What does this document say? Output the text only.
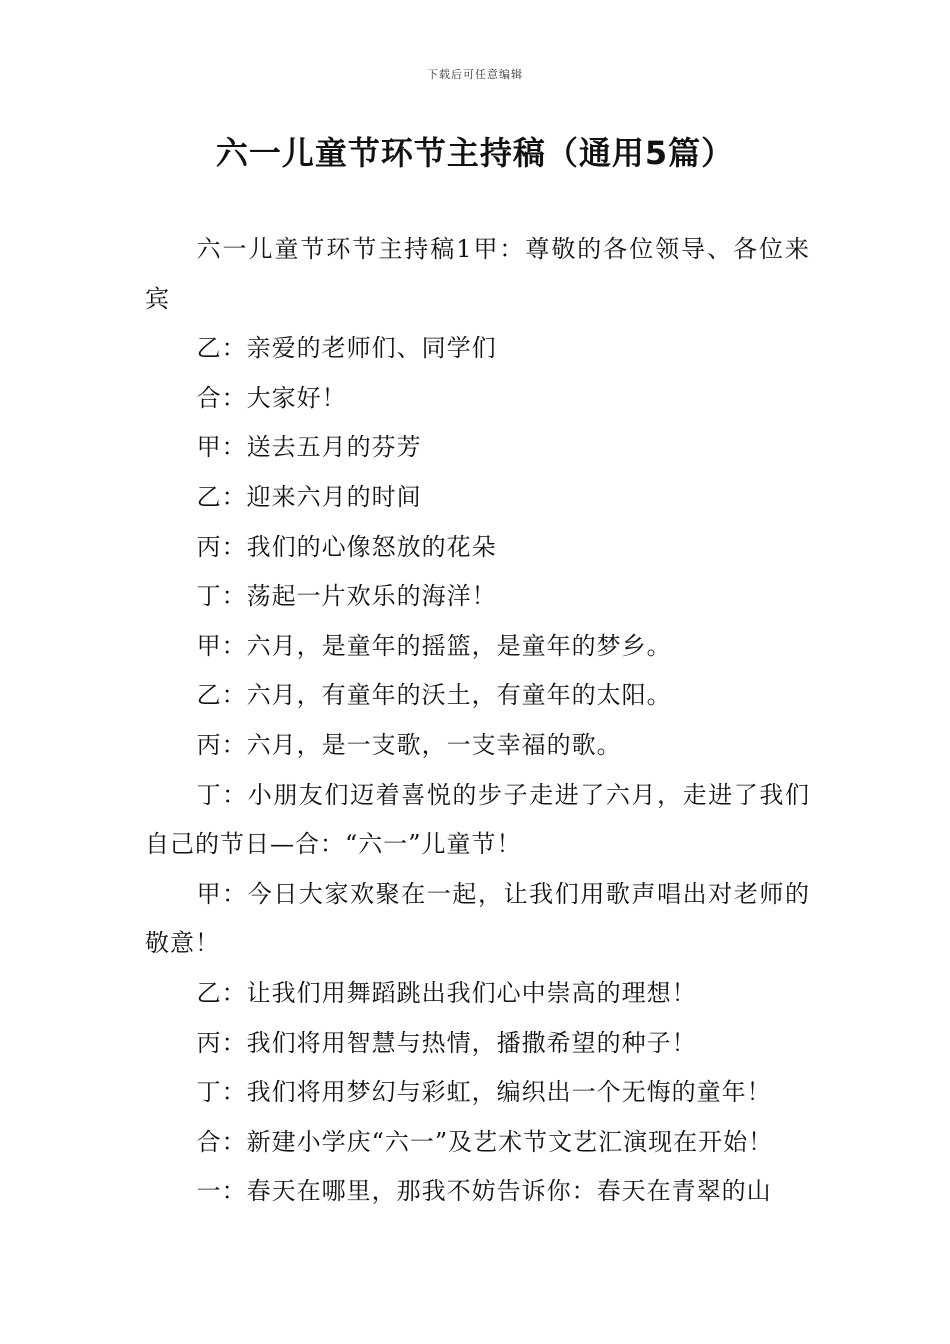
下载后可任意编辑
六一儿童节环节主持稿（通用5篇）

六一儿童节环节主持稿1甲：尊敬的各位领导、各位来宾

乙：亲爱的老师们、同学们

合：大家好！

甲：送去五月的芬芳

乙：迎来六月的时间

丙：我们的心像怒放的花朵

丁：荡起一片欢乐的海洋！

甲：六月，是童年的摇篮，是童年的梦乡。

乙：六月，有童年的沃土，有童年的太阳。

丙：六月，是一支歌，一支幸福的歌。

丁：小朋友们迈着喜悦的步子走进了六月，走进了我们自己的节日—合：“六一”儿童节！

甲：今日大家欢聚在一起，让我们用歌声唱出对老师的敬意！

乙：让我们用舞蹈跳出我们心中崇高的理想！

丙：我们将用智慧与热情，播撒希望的种子！

丁：我们将用梦幻与彩虹，编织出一个无悔的童年！

合：新建小学庆“六一”及艺术节文艺汇演现在开始！

一：春天在哪里，那我不妨告诉你：春天在青翠的山
